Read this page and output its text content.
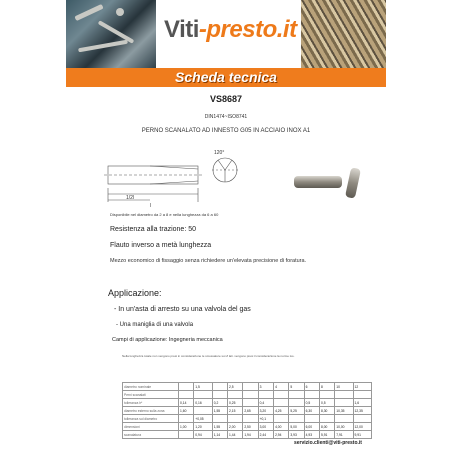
Viti-presto.it
Scheda tecnica
VS8687
DIN1474~ISO8741
PERNO SCANALATO AD INNESTO G05 IN ACCIAIO INOX A1
120°
1/2l
l
Disponibile nel diametro da 2 a 8 e nella lunghezza da 6 a 60
Resistenza alla trazione: 50
Flauto inverso a metà lunghezza
Mezzo economico di fissaggio senza richiedere un'elevata precisione di foratura.
Applicazione:
- In un'asta di arresto su una valvola del gas
- Una maniglia di una valvola
Campi di applicazione: Ingegneria meccanica
Nella lunghezza totale non vengono presi in considerazione le smussature sui Z lati. vengono presi il considerazione la norme iso.
diametro nominale		1,5		2,5		3	4	5	6	8	10	12
Perni scanalati												
tolleranza h*	0,14	0,16	0,2	0,25		0,4			0,5	0,5		1,6
diametro esterno sulla zona	1,60		1,55	2,15	2,65	3,20	4,25	5,25	6,30	8,30	10,35	12,35
tolleranza sul diametro		+0,05				+0,1						
dimensioni	1,00	1,20	1,55	2,00	2,50	3,00	4,00	5,00	6,00	8,00	10,00	12,00
scanalatura		0,94	1,14	1,44	1,94	2,44	2,94	3,93	4,93	5,91	7,91	9,91
servizio.clienti@viti-presto.it
